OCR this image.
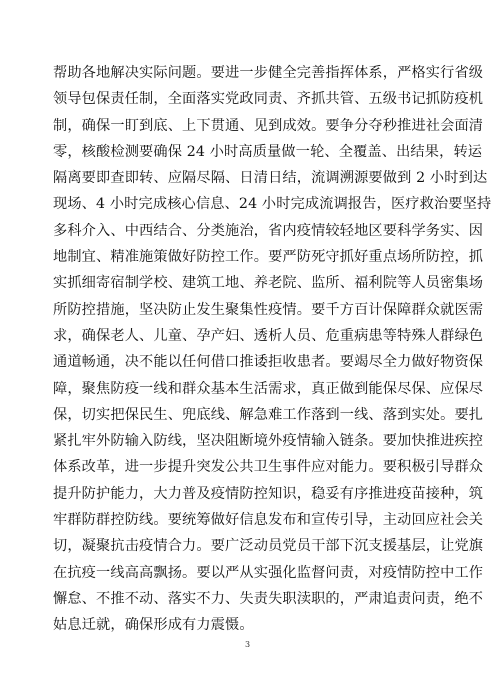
帮助各地解决实际问题。要进一步健全完善指挥体系，严格实行省级
领导包保责任制，全面落实党政同责、齐抓共管、五级书记抓防疫机
制，确保一盯到底、上下贯通、见到成效。要争分夺秒推进社会面清
零，核酸检测要确保 24 小时高质量做一轮、全覆盖、出结果，转运
隔离要即查即转、应隔尽隔、日清日结，流调溯源要做到 2 小时到达
现场、4 小时完成核心信息、24 小时完成流调报告，医疗救治要坚持
多科介入、中西结合、分类施治，省内疫情较轻地区要科学务实、因
地制宜、精准施策做好防控工作。要严防死守抓好重点场所防控，抓
实抓细寄宿制学校、建筑工地、养老院、监所、福利院等人员密集场
所防控措施，坚决防止发生聚集性疫情。要千方百计保障群众就医需
求，确保老人、儿童、孕产妇、透析人员、危重病患等特殊人群绿色
通道畅通，决不能以任何借口推诿拒收患者。要竭尽全力做好物资保
障，聚焦防疫一线和群众基本生活需求，真正做到能保尽保、应保尽
保，切实把保民生、兜底线、解急难工作落到一线、落到实处。要扎
紧扎牢外防输入防线，坚决阻断境外疫情输入链条。要加快推进疾控
体系改革，进一步提升突发公共卫生事件应对能力。要积极引导群众
提升防护能力，大力普及疫情防控知识，稳妥有序推进疫苗接种，筑
牢群防群控防线。要统筹做好信息发布和宣传引导，主动回应社会关
切，凝聚抗击疫情合力。要广泛动员党员干部下沉支援基层，让党旗
在抗疫一线高高飘扬。要以严从实强化监督问责，对疫情防控中工作
懈怠、不推不动、落实不力、失责失职渎职的，严肃追责问责，绝不
姑息迁就，确保形成有力震慑。
3
